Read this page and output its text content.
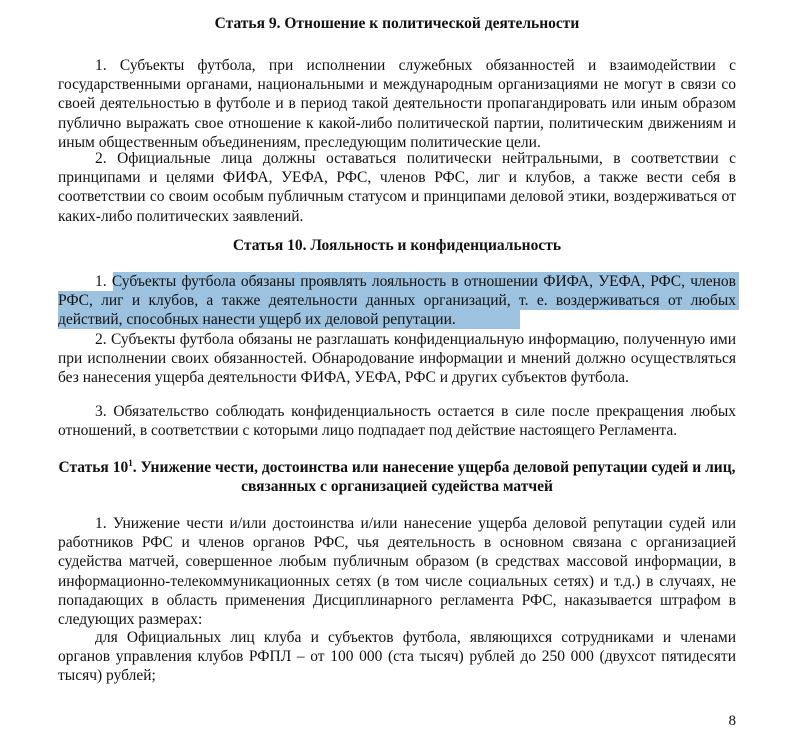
Статья 9. Отношение к политической деятельности

1. Субъекты футбола, при исполнении служебных обязанностей и взаимодействии с государственными органами, национальными и международным организациями не могут в связи со своей деятельностью в футболе и в период такой деятельности пропагандировать или иным образом публично выражать свое отношение к какой-либо политической партии, политическим движениям и иным общественным объединениям, преследующим политические цели.

2. Официальные лица должны оставаться политически нейтральными, в соответствии с принципами и целями ФИФА, УЕФА, РФС, членов РФС, лиг и клубов, а также вести себя в соответствии со своим особым публичным статусом и принципами деловой этики, воздерживаться от каких-либо политических заявлений.

Статья 10. Лояльность и конфиденциальность

1. Субъекты футбола обязаны проявлять лояльность в отношении ФИФА, УЕФА, РФС, членов РФС, лиг и клубов, а также деятельности данных организаций, т. е. воздерживаться от любых действий, способных нанести ущерб их деловой репутации.

2. Субъекты футбола обязаны не разглашать конфиденциальную информацию, полученную ими при исполнении своих обязанностей. Обнародование информации и мнений должно осуществляться без нанесения ущерба деятельности ФИФА, УЕФА, РФС и других субъектов футбола.

3. Обязательство соблюдать конфиденциальность остается в силе после прекращения любых отношений, в соответствии с которыми лицо подпадает под действие настоящего Регламента.

Статья $10^1$. Унижение чести, достоинства или нанесение ущерба деловой репутации судей и лиц, связанных с организацией судейства матчей

1. Унижение чести и/или достоинства и/или нанесение ущерба деловой репутации судей или работников РФС и членов органов РФС, чья деятельность в основном связана с организацией судейства матчей, совершенное любым публичным образом (в средствах массовой информации, в информационно-телекоммуникационных сетях (в том числе социальных сетях) и т.д.) в случаях, не попадающих в область применения Дисциплинарного регламента РФС, наказывается штрафом в следующих размерах:

для Официальных лиц клуба и субъектов футбола, являющихся сотрудниками и членами органов управления клубов РФПЛ – от 100 000 (ста тысяч) рублей до 250 000 (двухсот пятидесяти тысяч) рублей;

8
